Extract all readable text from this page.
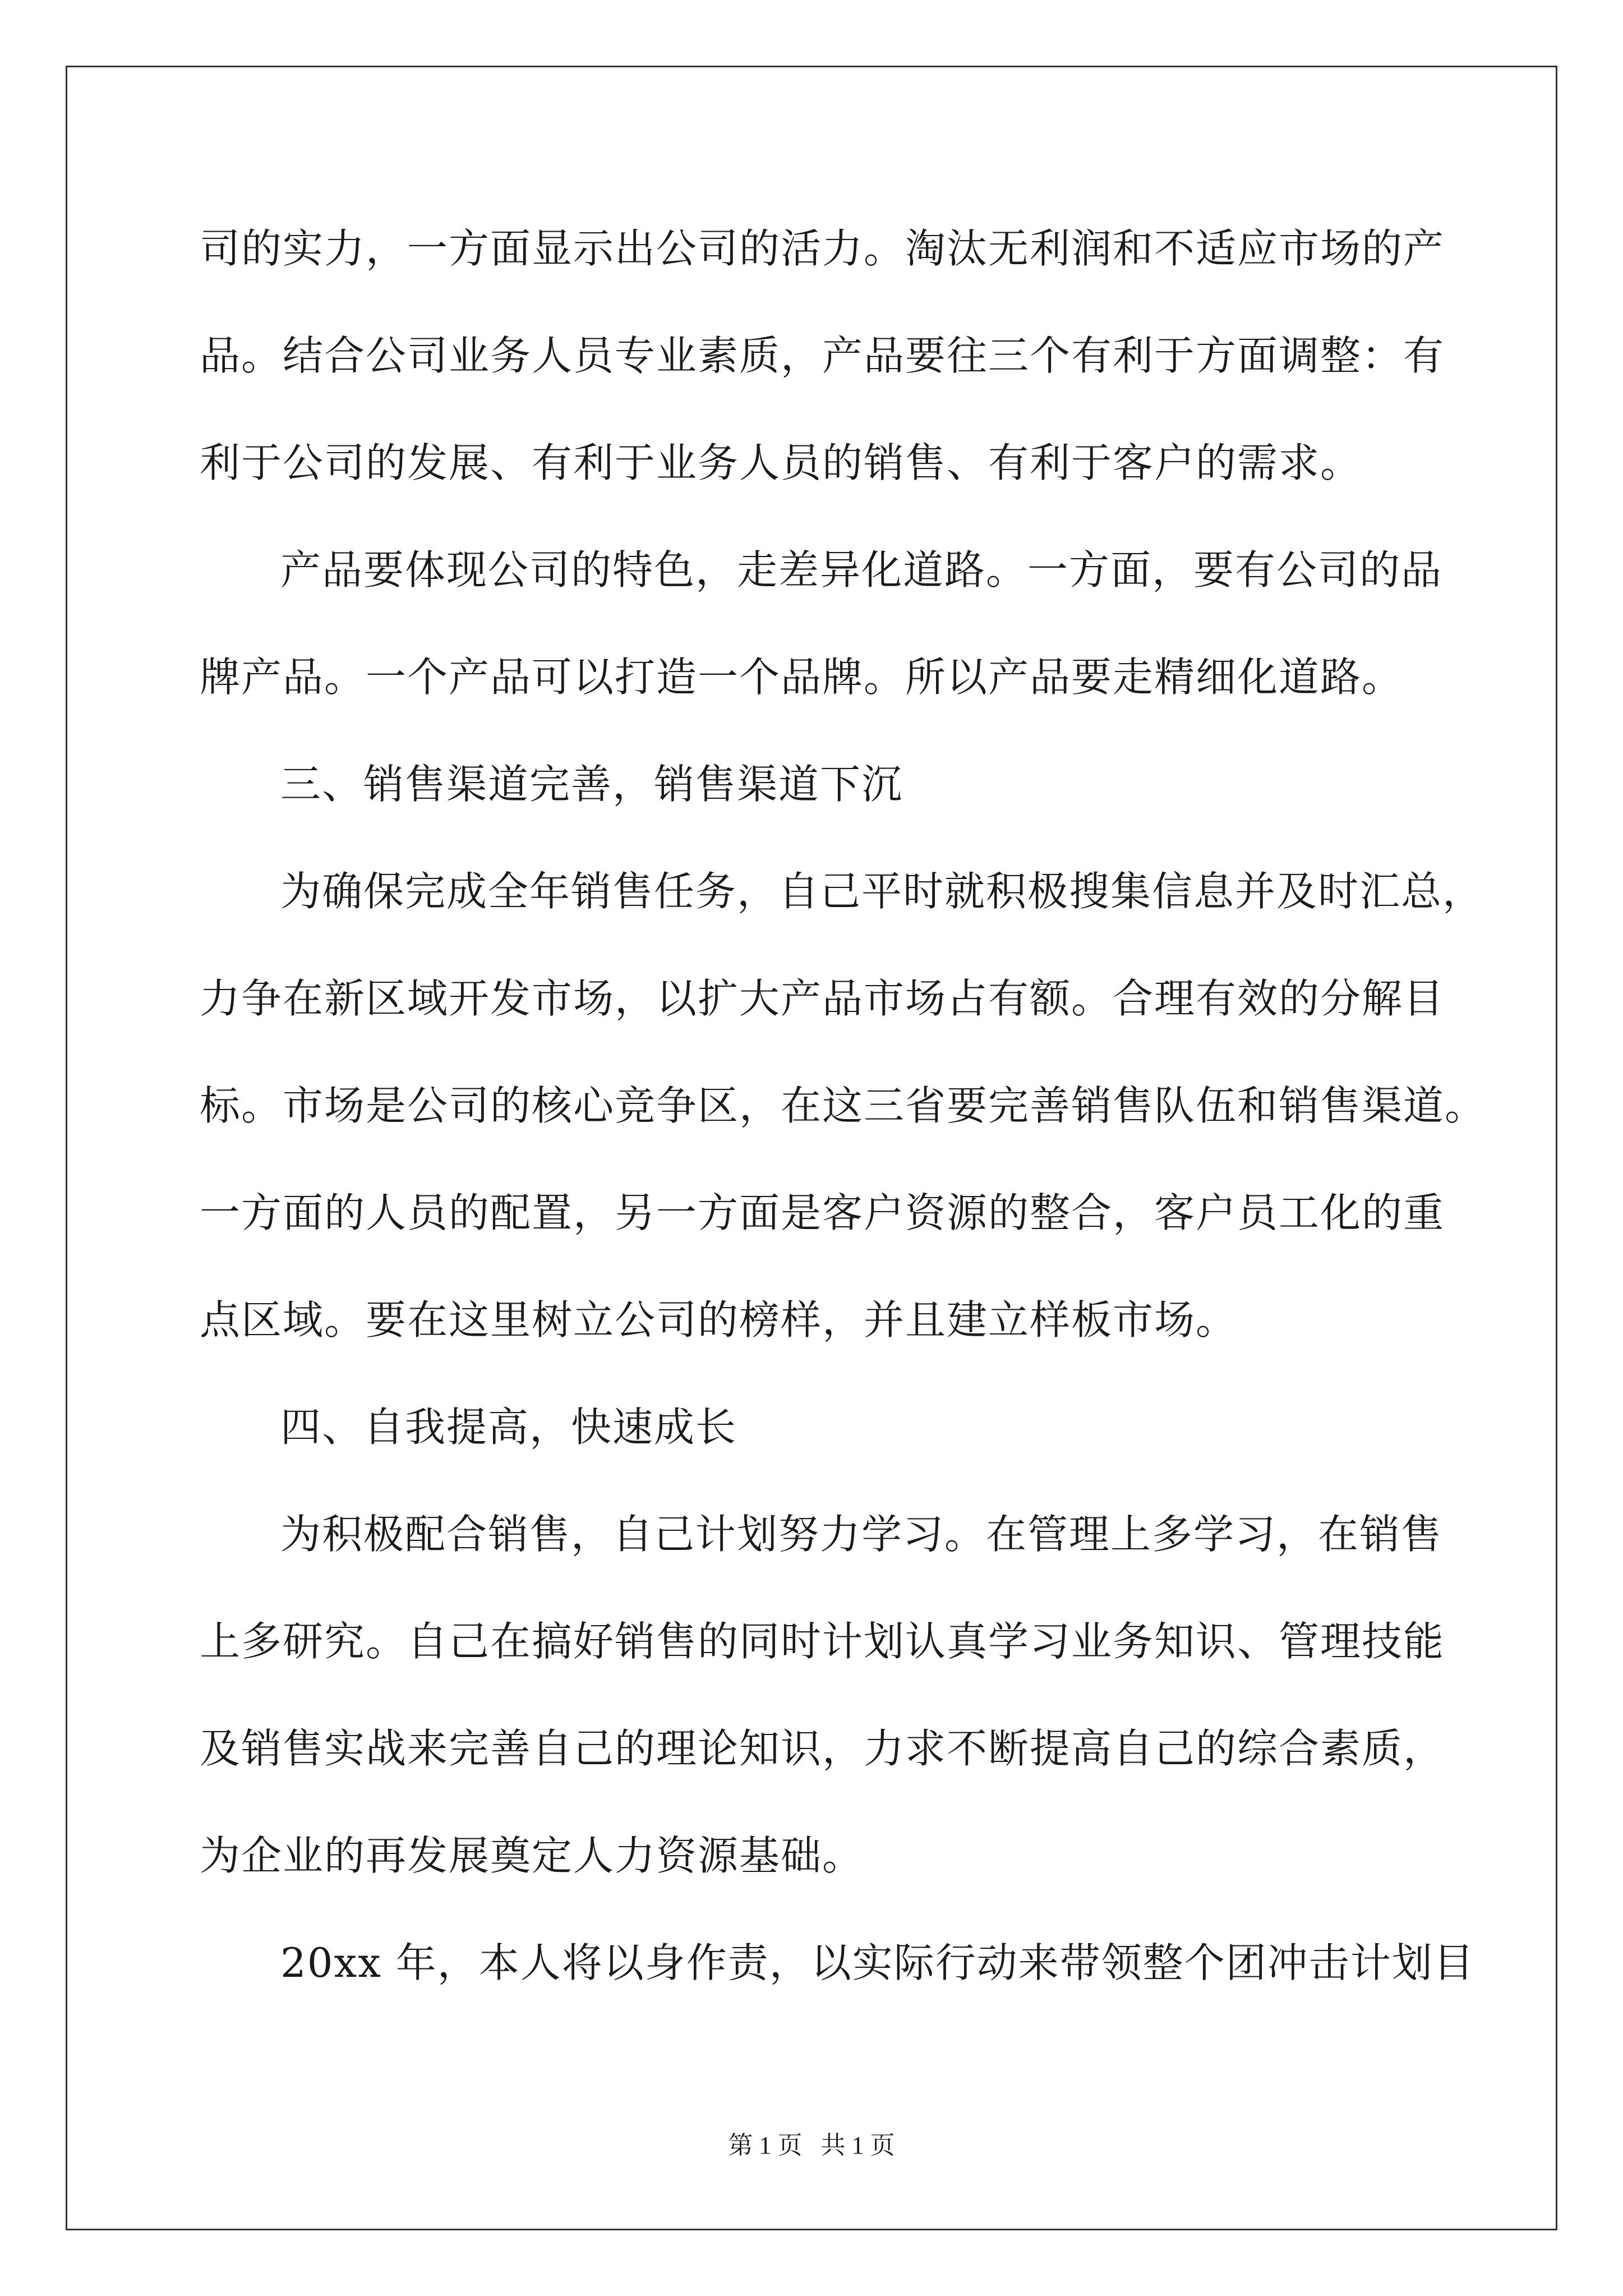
司的实力，一方面显示出公司的活力。淘汰无利润和不适应市场的产
品。结合公司业务人员专业素质，产品要往三个有利于方面调整：有
利于公司的发展、有利于业务人员的销售、有利于客户的需求。
产品要体现公司的特色，走差异化道路。一方面，要有公司的品
牌产品。一个产品可以打造一个品牌。所以产品要走精细化道路。
三、销售渠道完善，销售渠道下沉
为确保完成全年销售任务，自己平时就积极搜集信息并及时汇总，
力争在新区域开发市场，以扩大产品市场占有额。合理有效的分解目
标。市场是公司的核心竞争区，在这三省要完善销售队伍和销售渠道。
一方面的人员的配置，另一方面是客户资源的整合，客户员工化的重
点区域。要在这里树立公司的榜样，并且建立样板市场。
四、自我提高，快速成长
为积极配合销售，自己计划努力学习。在管理上多学习，在销售
上多研究。自己在搞好销售的同时计划认真学习业务知识、管理技能
及销售实战来完善自己的理论知识，力求不断提高自己的综合素质，
为企业的再发展奠定人力资源基础。
20xx 年，本人将以身作责，以实际行动来带领整个团冲击计划目
第 1 页   共 1 页
